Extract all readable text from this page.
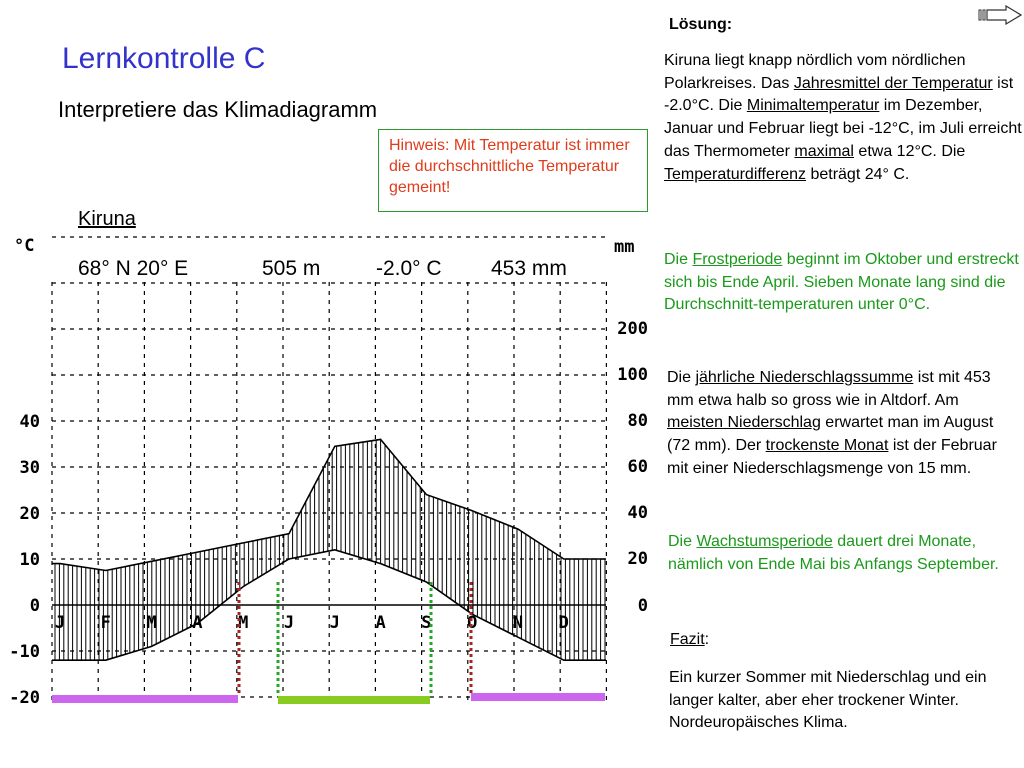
Lernkontrolle C
Interpretiere das Klimadiagramm
Hinweis: Mit Temperatur ist immer die durchschnittliche Temperatur gemeint!
Kiruna
68° N 20° E	505 m	-2.0° C 453 mm
J F M A M J J A S O N D
40
30
20
10
0
-10
-20
200
100
80
60
40
20
0
°C	mm
Lösung:

Kiruna liegt knapp nördlich vom nördlichen Polarkreises. Das Jahresmittel der Temperatur ist -2.0°C. Die Minimaltemperatur im Dezember, Januar und Februar liegt bei -12°C, im Juli erreicht das Thermometer maximal etwa 12°C. Die Temperaturdifferenz beträgt 24° C.

Die Frostperiode beginnt im Oktober und erstreckt sich bis Ende April. Sieben Monate lang sind die Durchschnitt-temperaturen unter 0°C.

Die jährliche Niederschlagssumme ist mit 453 mm etwa halb so gross wie in Altdorf. Am meisten Niederschlag erwartet man im August (72 mm). Der trockenste Monat ist der Februar mit einer Niederschlagsmenge von 15 mm.

Die Wachstumsperiode dauert drei Monate, nämlich von Ende Mai bis Anfangs September.

Fazit:

Ein kurzer Sommer mit Niederschlag und ein langer kalter, aber eher trockener Winter. Nordeuropäisches Klima.
